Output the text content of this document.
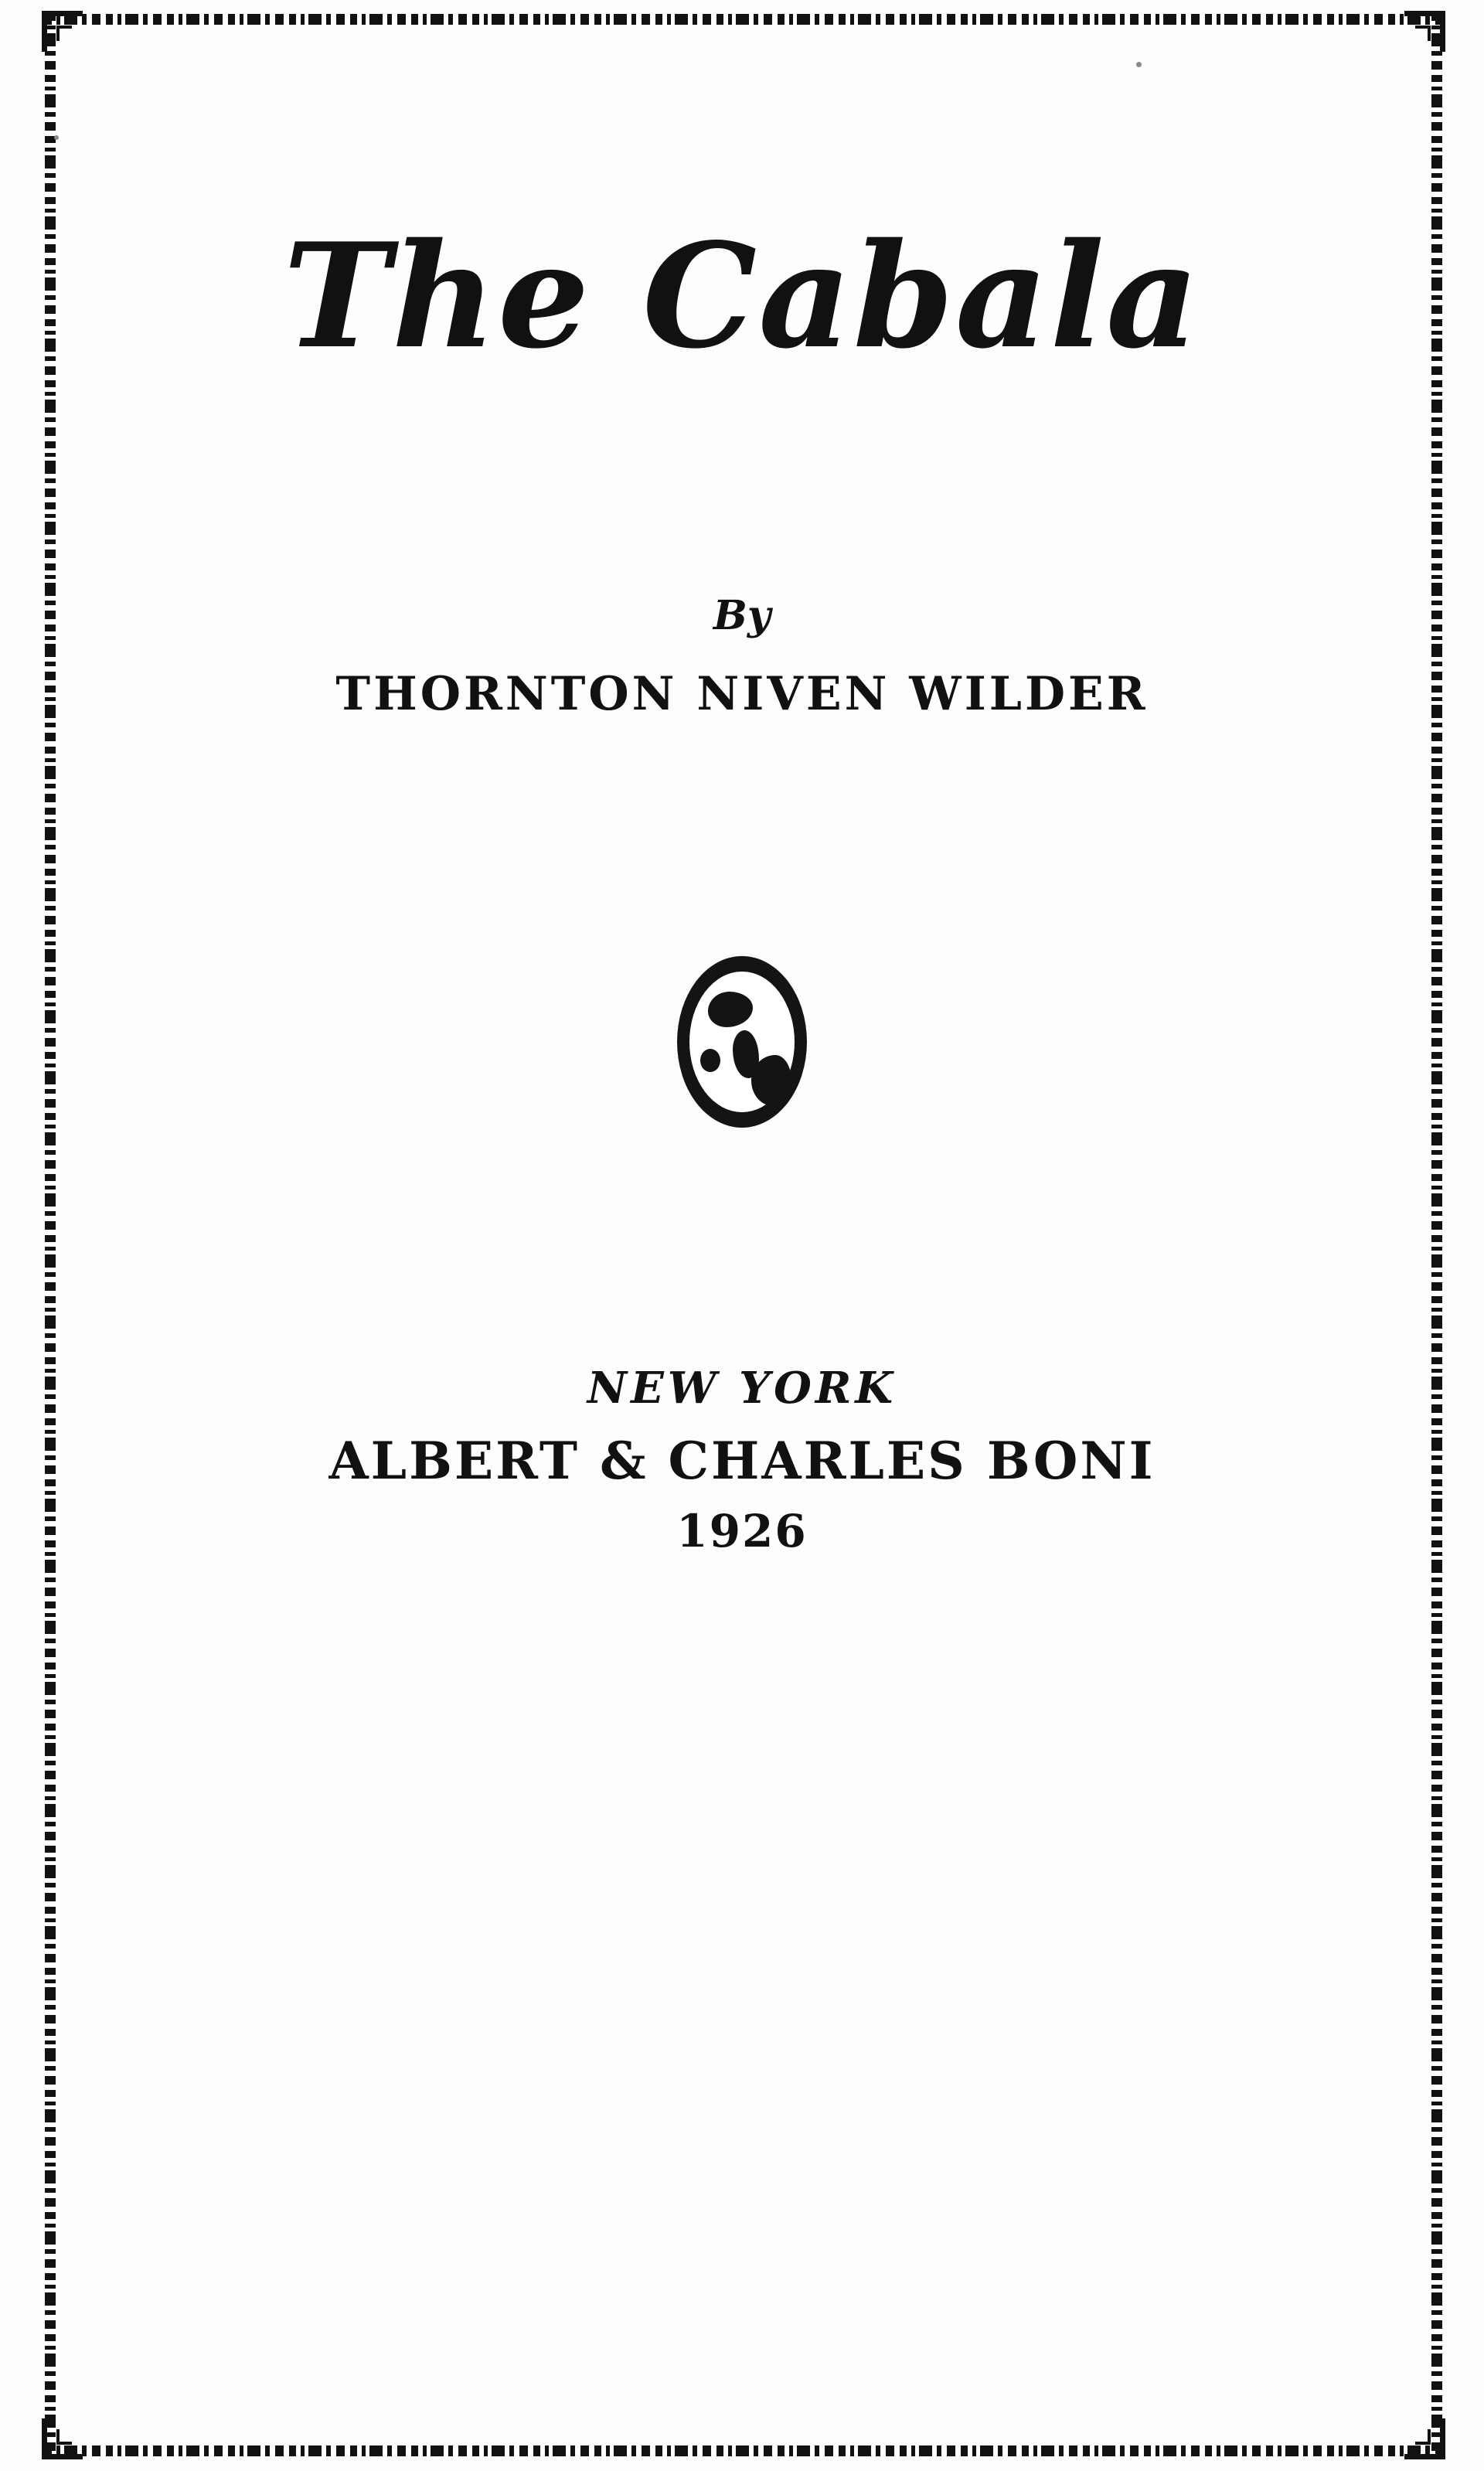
The Cabala
By
THORNTON NIVEN WILDER
NEW YORK
ALBERT & CHARLES BONI
1926
